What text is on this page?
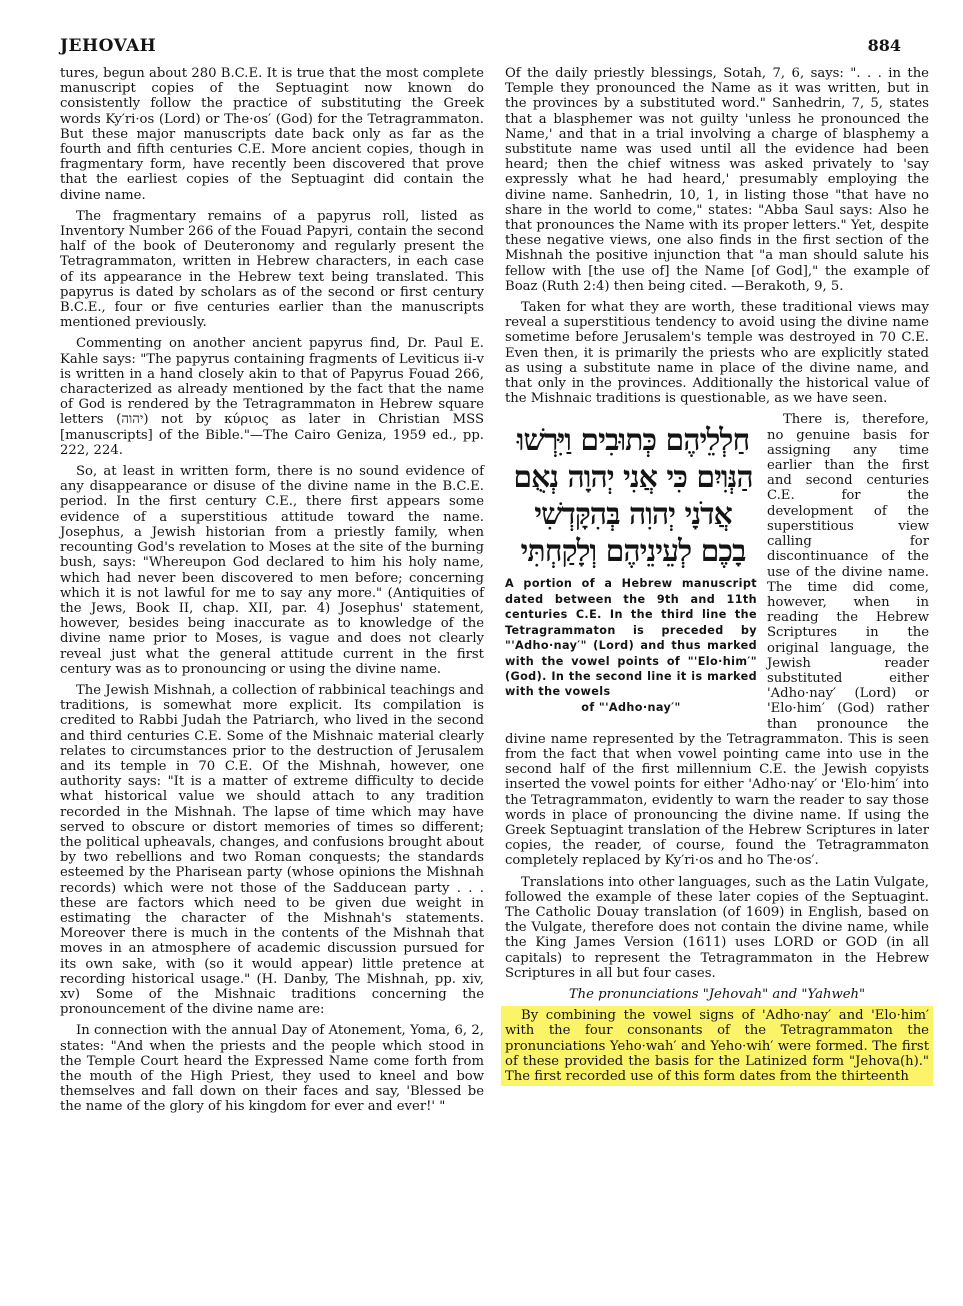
JEHOVAH	884

tures, begun about 280 B.C.E. It is true that the most complete manuscript copies of the Septuagint now known do consistently follow the practice of substituting the Greek words Ky′ri·os (Lord) or The·os′ (God) for the Tetragrammaton. But these major manuscripts date back only as far as the fourth and fifth centuries C.E. More ancient copies, though in fragmentary form, have recently been discovered that prove that the earliest copies of the Septuagint did contain the divine name.

The fragmentary remains of a papyrus roll, listed as Inventory Number 266 of the Fouad Papyri, contain the second half of the book of Deuteronomy and regularly present the Tetragrammaton, written in Hebrew characters, in each case of its appearance in the Hebrew text being translated. This papyrus is dated by scholars as of the second or first century B.C.E., four or five centuries earlier than the manuscripts mentioned previously.

Commenting on another ancient papyrus find, Dr. Paul E. Kahle says: "The papyrus containing fragments of Leviticus ii-v is written in a hand closely akin to that of Papyrus Fouad 266, characterized as already mentioned by the fact that the name of God is rendered by the Tetragrammaton in Hebrew square letters (יהוה) not by κύριος as later in Christian MSS [manuscripts] of the Bible."—The Cairo Geniza, 1959 ed., pp. 222, 224.

So, at least in written form, there is no sound evidence of any disappearance or disuse of the divine name in the B.C.E. period. In the first century C.E., there first appears some evidence of a superstitious attitude toward the name. Josephus, a Jewish historian from a priestly family, when recounting God's revelation to Moses at the site of the burning bush, says: "Whereupon God declared to him his holy name, which had never been discovered to men before; concerning which it is not lawful for me to say any more." (Antiquities of the Jews, Book II, chap. XII, par. 4) Josephus' statement, however, besides being inaccurate as to knowledge of the divine name prior to Moses, is vague and does not clearly reveal just what the general attitude current in the first century was as to pronouncing or using the divine name.

The Jewish Mishnah, a collection of rabbinical teachings and traditions, is somewhat more explicit. Its compilation is credited to Rabbi Judah the Patriarch, who lived in the second and third centuries C.E. Some of the Mishnaic material clearly relates to circumstances prior to the destruction of Jerusalem and its temple in 70 C.E. Of the Mishnah, however, one authority says: "It is a matter of extreme difficulty to decide what historical value we should attach to any tradition recorded in the Mishnah. The lapse of time which may have served to obscure or distort memories of times so different; the political upheavals, changes, and confusions brought about by two rebellions and two Roman conquests; the standards esteemed by the Pharisean party (whose opinions the Mishnah records) which were not those of the Sadducean party . . . these are factors which need to be given due weight in estimating the character of the Mishnah's statements. Moreover there is much in the contents of the Mishnah that moves in an atmosphere of academic discussion pursued for its own sake, with (so it would appear) little pretence at recording historical usage." (H. Danby, The Mishnah, pp. xiv, xv) Some of the Mishnaic traditions concerning the pronouncement of the divine name are:

In connection with the annual Day of Atonement, Yoma, 6, 2, states: "And when the priests and the people which stood in the Temple Court heard the Expressed Name come forth from the mouth of the High Priest, they used to kneel and bow themselves and fall down on their faces and say, 'Blessed be the name of the glory of his kingdom for ever and ever!' "

Of the daily priestly blessings, Sotah, 7, 6, says: ". . . in the Temple they pronounced the Name as it was written, but in the provinces by a substituted word." Sanhedrin, 7, 5, states that a blasphemer was not guilty 'unless he pronounced the Name,' and that in a trial involving a charge of blasphemy a substitute name was used until all the evidence had been heard; then the chief witness was asked privately to 'say expressly what he had heard,' presumably employing the divine name. Sanhedrin, 10, 1, in listing those "that have no share in the world to come," states: "Abba Saul says: Also he that pronounces the Name with its proper letters." Yet, despite these negative views, one also finds in the first section of the Mishnah the positive injunction that "a man should salute his fellow with [the use of] the Name [of God]," the example of Boaz (Ruth 2:4) then being cited. —Berakoth, 9, 5.

Taken for what they are worth, these traditional views may reveal a superstitious tendency to avoid using the divine name sometime before Jerusalem's temple was destroyed in 70 C.E. Even then, it is primarily the priests who are explicitly stated as using a substitute name in place of the divine name, and that only in the provinces. Additionally the historical value of the Mishnaic traditions is questionable, as we have seen.

חַלְלֵיהֶם כְּתוּבִים וַיִּרְשׁוּ
הַנְּוִיִם כִּי אֲנִי יְהוָה נְאֻם
אֲדֹנָי יְהוִה בְּהִקָּדְשִׁי
בָכֶם לְעֵינֵיהֶם וְלָקַחְתִּי

A portion of a Hebrew manuscript dated between the 9th and 11th centuries C.E. In the third line the Tetragrammaton is preceded by "'Adho·nay′" (Lord) and thus marked with the vowel points of "'Elo·him′" (God). In the second line it is marked with the vowels

of "'Adho·nay′"

There is, therefore, no genuine basis for assigning any time earlier than the first and second centuries C.E. for the development of the superstitious view calling for discontinuance of the use of the divine name. The time did come, however, when in reading the Hebrew Scriptures in the original language, the Jewish reader substituted either 'Adho·nay′ (Lord) or 'Elo·him′ (God) rather than pronounce the divine name represented by the Tetragrammaton. This is seen from the fact that when vowel pointing came into use in the second half of the first millennium C.E. the Jewish copyists inserted the vowel points for either 'Adho·nay′ or 'Elo·him′ into the Tetragrammaton, evidently to warn the reader to say those words in place of pronouncing the divine name. If using the Greek Septuagint translation of the Hebrew Scriptures in later copies, the reader, of course, found the Tetragrammaton completely replaced by Ky′ri·os and ho The·os′.

Translations into other languages, such as the Latin Vulgate, followed the example of these later copies of the Septuagint. The Catholic Douay translation (of 1609) in English, based on the Vulgate, therefore does not contain the divine name, while the King James Version (1611) uses LORD or GOD (in all capitals) to represent the Tetragrammaton in the Hebrew Scriptures in all but four cases.

The pronunciations "Jehovah" and "Yahweh"

By combining the vowel signs of 'Adho·nay′ and 'Elo·him′ with the four consonants of the Tetragrammaton the pronunciations Yeho·wah′ and Yeho·wih′ were formed. The first of these provided the basis for the Latinized form "Jehova(h)." The first recorded use of this form dates from the thirteenth
